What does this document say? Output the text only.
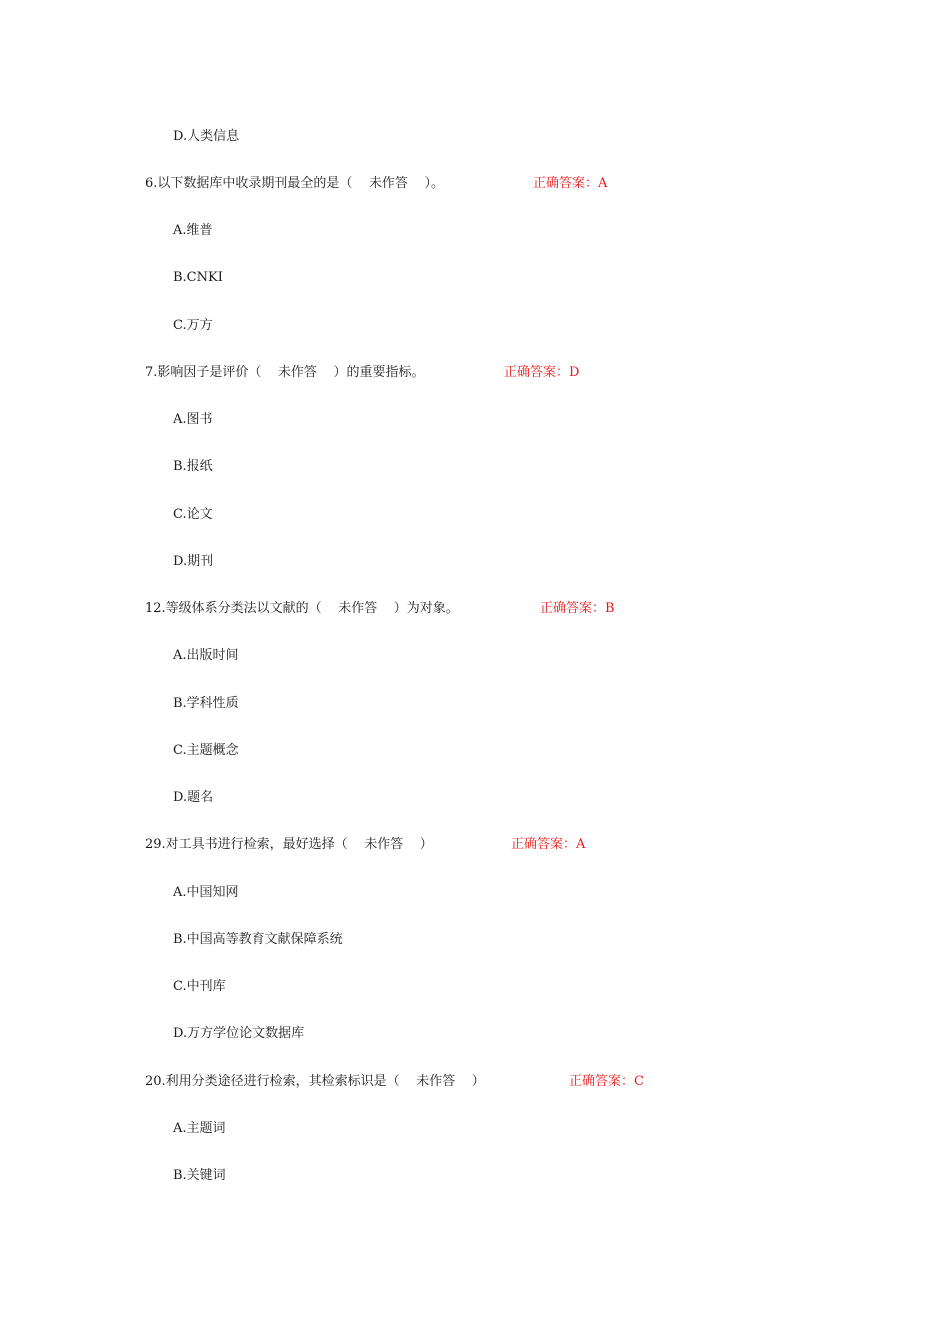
D.人类信息
6.以下数据库中收录期刊最全的是（    未作答    ）。	正确答案：A
A.维普
B.CNKI
C.万方
7.影响因子是评价（    未作答    ）的重要指标。	正确答案：D
A.图书
B.报纸
C.论文
D.期刊
12.等级体系分类法以文献的（    未作答    ）为对象。	正确答案：B
A.出版时间
B.学科性质
C.主题概念
D.题名
29.对工具书进行检索，最好选择（    未作答    ）	正确答案：A
A.中国知网
B.中国高等教育文献保障系统
C.中刊库
D.万方学位论文数据库
20.利用分类途径进行检索，其检索标识是（    未作答    ）	正确答案：C
A.主题词
B.关键词
